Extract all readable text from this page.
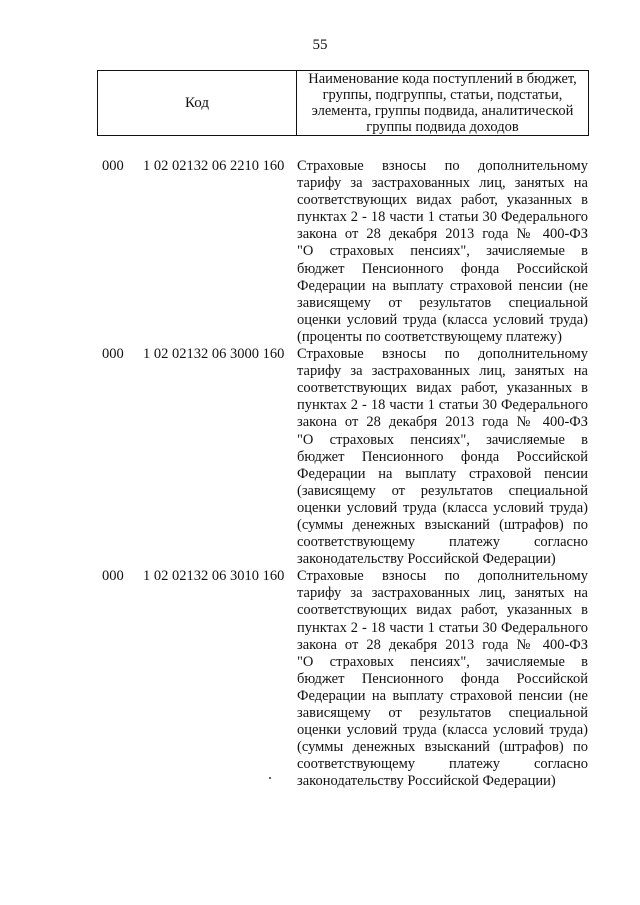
55
Код
Наименование кода поступлений в бюджет, группы, подгруппы, статьи, подстатьи, элемента, группы подвида, аналитической группы подвида доходов
000 1 02 02132 06 2210 160 Страховые взносы по дополнительному
тарифу за застрахованных лиц, занятых на
соответствующих видах работ, указанных в
пунктах 2 - 18 части 1 статьи 30 Федерального
закона от 28 декабря 2013 года № 400-ФЗ
"О страховых пенсиях", зачисляемые в
бюджет Пенсионного фонда Российской
Федерации на выплату страховой пенсии (не
зависящему от результатов специальной
оценки условий труда (класса условий труда)
(проценты по соответствующему платежу)
000 1 02 02132 06 3000 160 Страховые взносы по дополнительному
тарифу за застрахованных лиц, занятых на
соответствующих видах работ, указанных в
пунктах 2 - 18 части 1 статьи 30 Федерального
закона от 28 декабря 2013 года № 400-ФЗ
"О страховых пенсиях", зачисляемые в
бюджет Пенсионного фонда Российской
Федерации на выплату страховой пенсии
(зависящему от результатов специальной
оценки условий труда (класса условий труда)
(суммы денежных взысканий (штрафов) по
соответствующему платежу согласно
законодательству Российской Федерации)
000 1 02 02132 06 3010 160 Страховые взносы по дополнительному
тарифу за застрахованных лиц, занятых на
соответствующих видах работ, указанных в
пунктах 2 - 18 части 1 статьи 30 Федерального
закона от 28 декабря 2013 года № 400-ФЗ
"О страховых пенсиях", зачисляемые в
бюджет Пенсионного фонда Российской
Федерации на выплату страховой пенсии (не
зависящему от результатов специальной
оценки условий труда (класса условий труда)
(суммы денежных взысканий (штрафов) по
соответствующему платежу согласно
законодательству Российской Федерации)
